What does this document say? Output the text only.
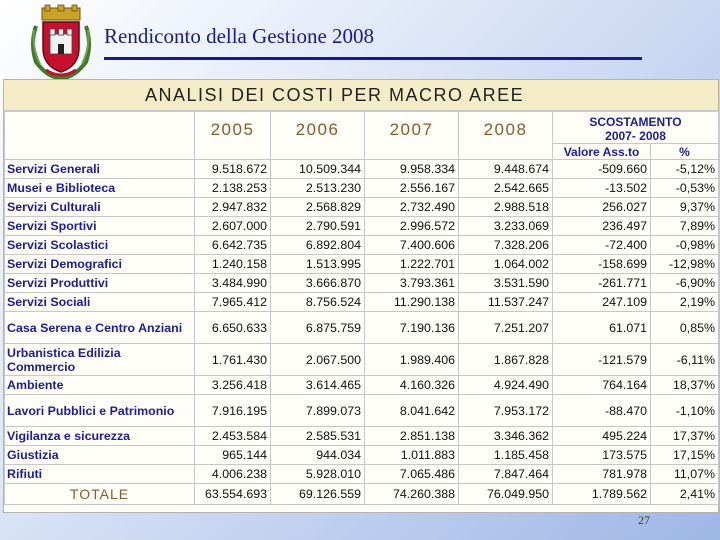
Rendiconto della Gestione 2008
ANALISI DEI COSTI PER MACRO AREE
	2005	2006	2007	2008	SCOSTAMENTO
2007- 2008	

					Valore Ass.to	%
Servizi Generali	9.518.672	10.509.344	9.958.334	9.448.674	-509.660	-5,12%
Musei e Biblioteca	2.138.253	2.513.230	2.556.167	2.542.665	-13.502	-0,53%
Servizi Culturali	2.947.832	2.568.829	2.732.490	2.988.518	256.027	9,37%
Servizi Sportivi	2.607.000	2.790.591	2.996.572	3.233.069	236.497	7,89%
Servizi Scolastici	6.642.735	6.892.804	7.400.606	7.328.206	-72.400	-0,98%
Servizi Demografici	1.240.158	1.513.995	1.222.701	1.064.002	-158.699	-12,98%
Servizi Produttivi	3.484.990	3.666.870	3.793.361	3.531.590	-261.771	-6,90%
Servizi Sociali	7.965.412	8.756.524	11.290.138	11.537.247	247.109	2,19%
Casa Serena e Centro Anziani	6.650.633	6.875.759	7.190.136	7.251.207	61.071	0,85%
Urbanistica Edilizia Commercio	1.761.430	2.067.500	1.989.406	1.867.828	-121.579	-6,11%
Ambiente	3.256.418	3.614.465	4.160.326	4.924.490	764.164	18,37%
Lavori Pubblici e Patrimonio	7.916.195	7.899.073	8.041.642	7.953.172	-88.470	-1,10%
Vigilanza e sicurezza	2.453.584	2.585.531	2.851.138	3.346.362	495.224	17,37%
Giustizia	965.144	944.034	1.011.883	1.185.458	173.575	17,15%
Rifiuti	4.006.238	5.928.010	7.065.486	7.847.464	781.978	11,07%
TOTALE	63.554.693	69.126.559	74.260.388	76.049.950	1.789.562	2,41%
27
